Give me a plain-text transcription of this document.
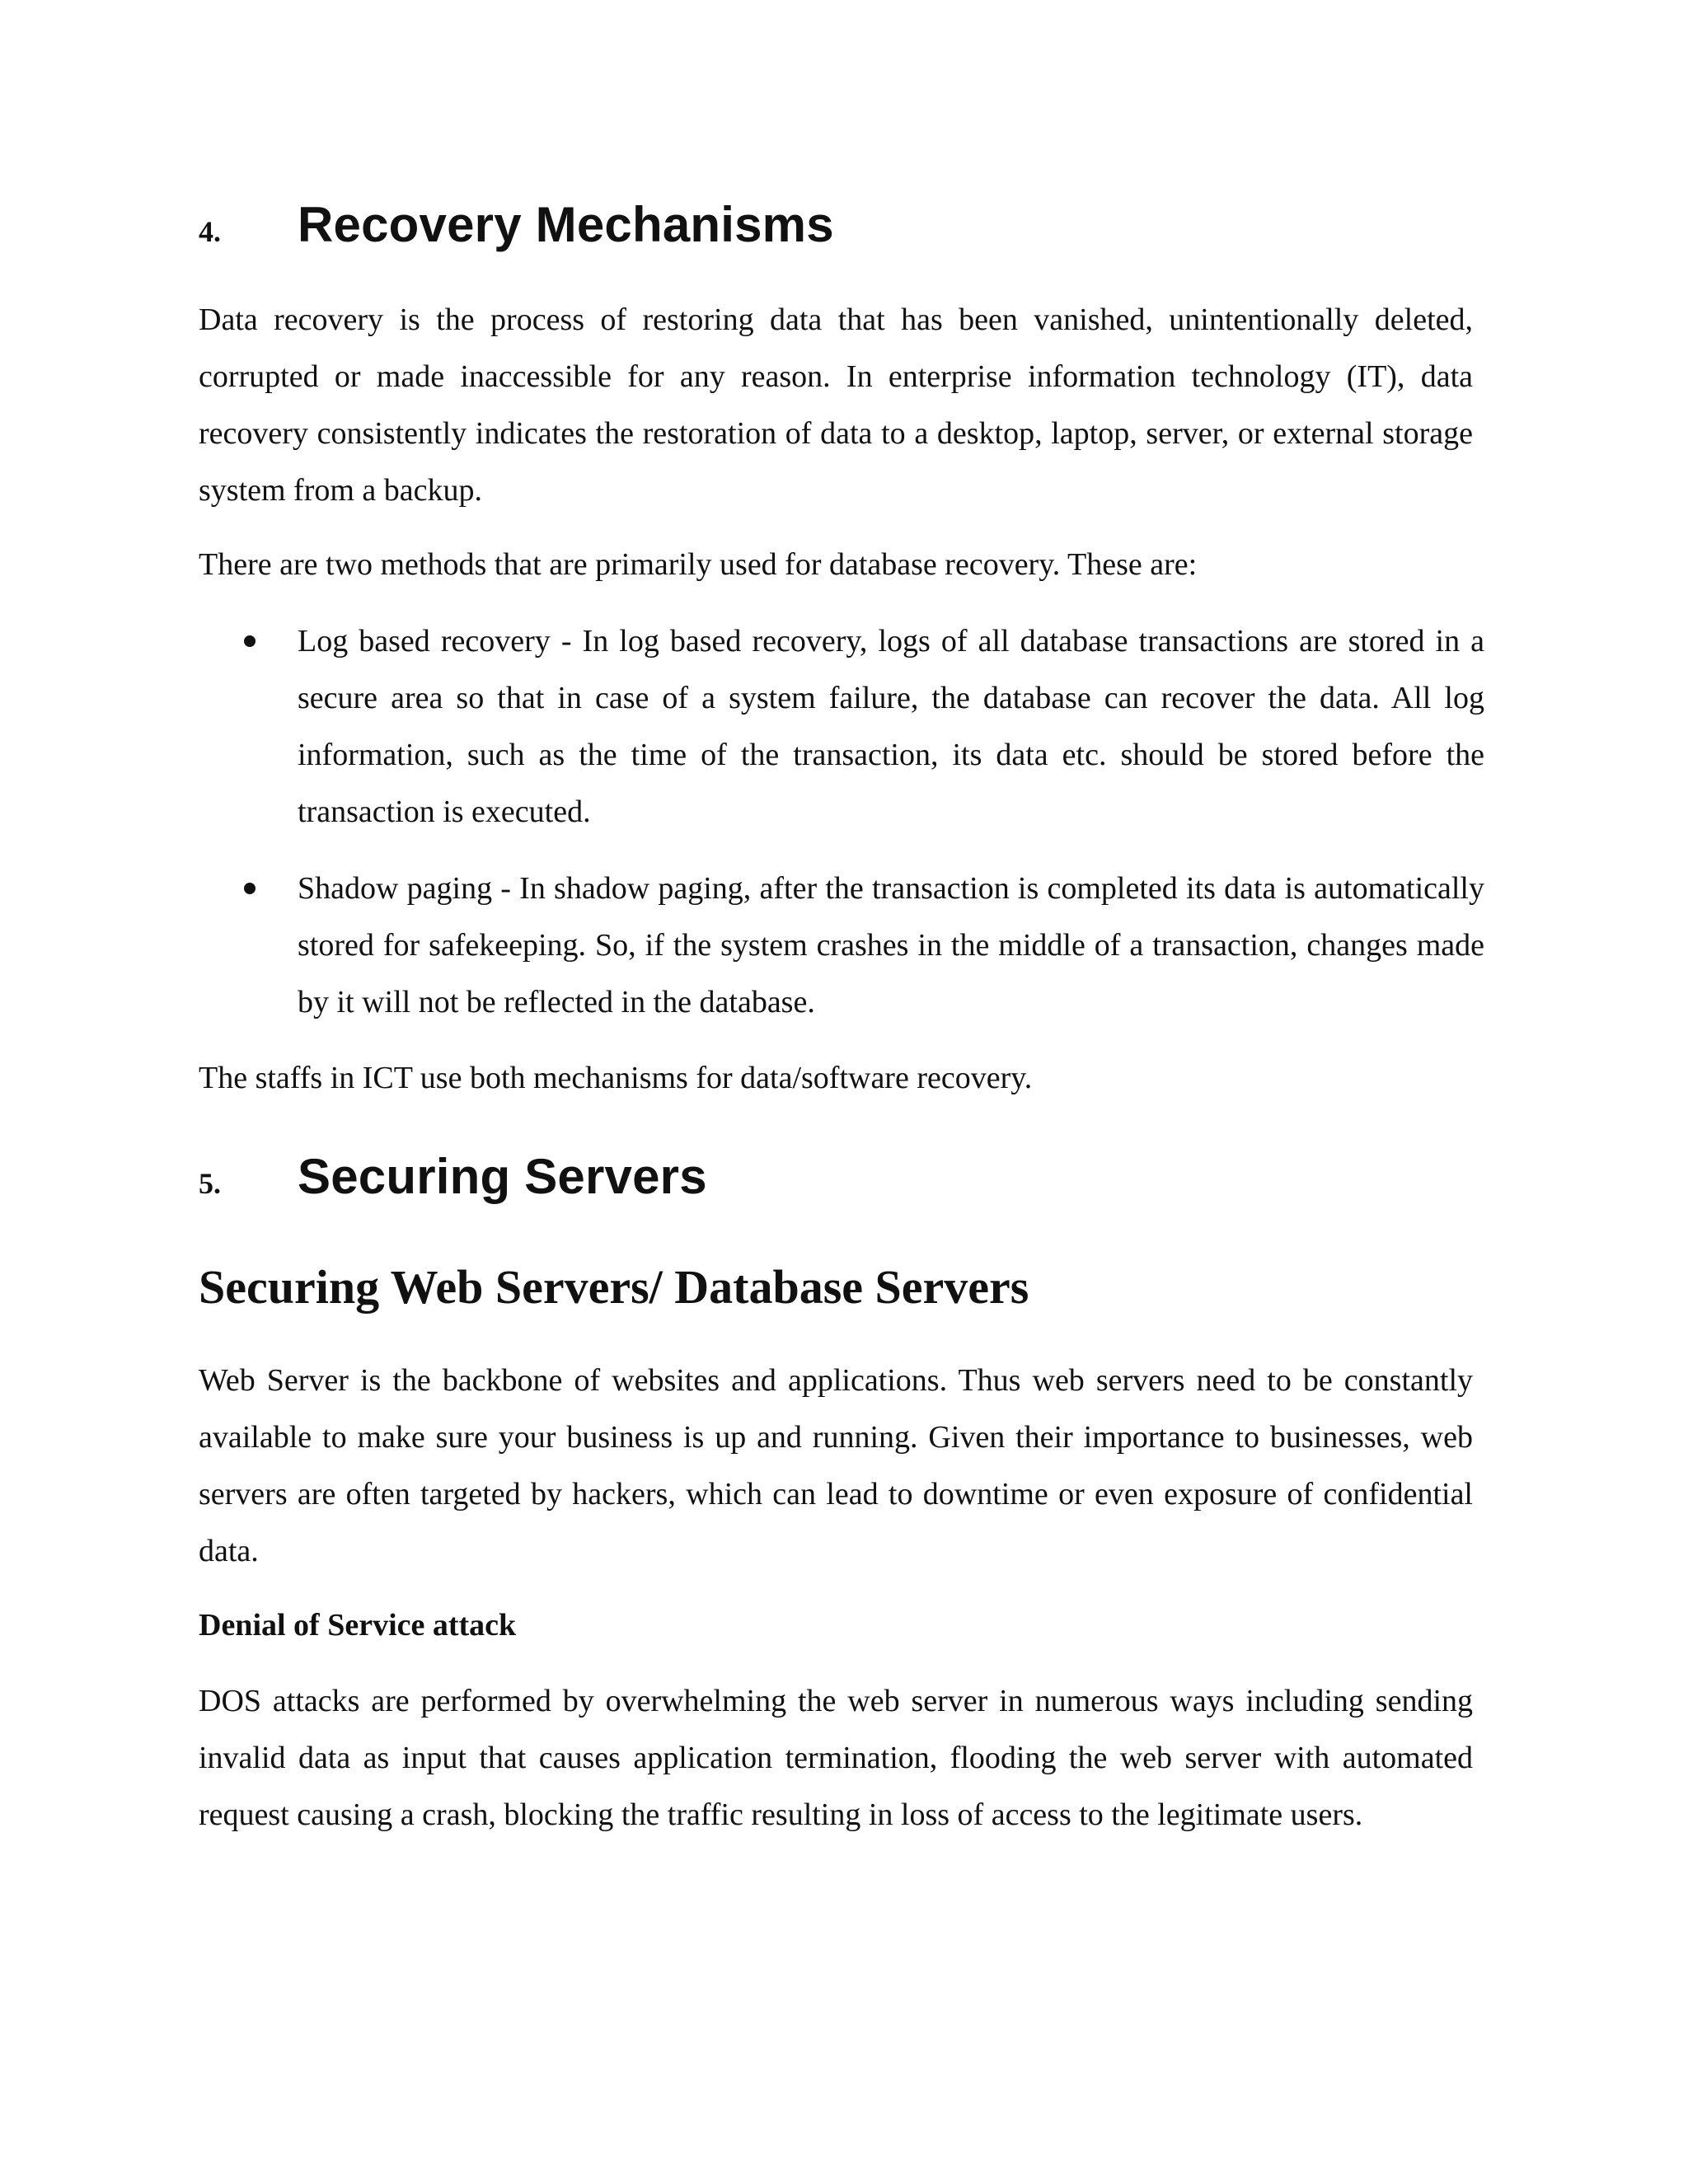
4.	Recovery Mechanisms

Data recovery is the process of restoring data that has been vanished, unintentionally deleted, corrupted or made inaccessible for any reason. In enterprise information technology (IT), data recovery consistently indicates the restoration of data to a desktop, laptop, server, or external storage system from a backup.

There are two methods that are primarily used for database recovery. These are:

Log based recovery - In log based recovery, logs of all database transactions are stored in a secure area so that in case of a system failure, the database can recover the data. All log information, such as the time of the transaction, its data etc. should be stored before the transaction is executed.

Shadow paging - In shadow paging, after the transaction is completed its data is automatically stored for safekeeping. So, if the system crashes in the middle of a transaction, changes made by it will not be reflected in the database.

The staffs in ICT use both mechanisms for data/software recovery.

5.	Securing Servers
Securing Web Servers/ Database Servers

Web Server is the backbone of websites and applications. Thus web servers need to be constantly available to make sure your business is up and running. Given their importance to businesses, web servers are often targeted by hackers, which can lead to downtime or even exposure of confidential data.

Denial of Service attack

DOS attacks are performed by overwhelming the web server in numerous ways including sending invalid data as input that causes application termination, flooding the web server with automated request causing a crash, blocking the traffic resulting in loss of access to the legitimate users.
